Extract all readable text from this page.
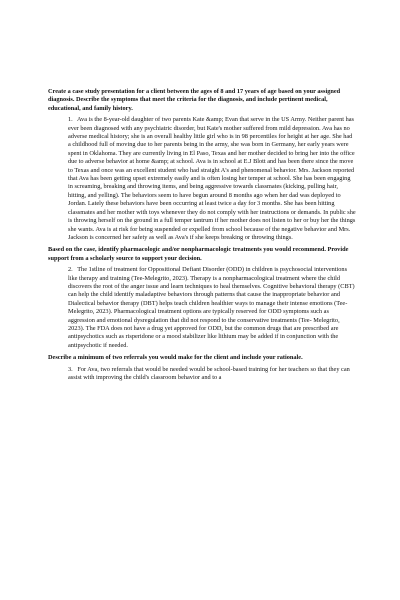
Create a case study presentation for a client between the ages of 8 and 17 years of age based on your assigned diagnosis. Describe the symptoms that meet the criteria for the diagnosis, and include pertinent medical, educational, and family history.

1. Ava is the 8-year-old daughter of two parents Kate &amp; Evan that serve in the US Army. Neither parent has ever been diagnosed with any psychiatric disorder, but Kate's mother suffered from mild depression. Ava has no adverse medical history; she is an overall healthy little girl who is in 98 percentiles for height at her age. She had a childhood full of moving due to her parents being in the army, she was born in Germany, her early years were spent in Oklahoma. They are currently living in El Paso, Texas and her mother decided to bring her into the office due to adverse behavior at home &amp; at school. Ava is in school at E.J Blott and has been there since the move to Texas and once was an excellent student who had straight A's and phenomenal behavior. Mrs. Jackson reported that Ava has been getting upset extremely easily and is often losing her temper at school. She has been engaging in screaming, breaking and throwing items, and being aggressive towards classmates (kicking, pulling hair, hitting, and yelling). The behaviors seem to have begun around 8 months ago when her dad was deployed to Jordan. Lately these behaviors have been occurring at least twice a day for 3 months. She has been hitting classmates and her mother with toys whenever they do not comply with her instructions or demands. In public she is throwing herself on the ground in a full temper tantrum if her mother does not listen to her or buy her the things she wants. Ava is at risk for being suspended or expelled from school because of the negative behavior and Mrs. Jackson is concerned her safety as well as Ava's if she keeps breaking or throwing things.

Based on the case, identify pharmacologic and/or nonpharmacologic treatments you would recommend. Provide support from a scholarly source to support your decision.

2. The 1stline of treatment for Oppositional Defiant Disorder (ODD) in children is psychosocial interventions like therapy and training (Tee-Melegrito, 2023). Therapy is a nonpharmacological treatment where the child discovers the root of the anger issue and learn techniques to heal themselves. Cognitive behavioral therapy (CBT) can help the child identify maladaptive behaviors through patterns that cause the inappropriate behavior and Dialectical behavior therapy (DBT) helps teach children healthier ways to manage their intense emotions (Tee-Melegrito, 2023). Pharmacological treatment options are typically reserved for ODD symptoms such as aggression and emotional dysregulation that did not respond to the conservative treatments (Tee- Melegrito, 2023). The FDA does not have a drug yet approved for ODD, but the common drugs that are prescribed are antipsychotics such as risperidone or a mood stabilizer like lithium may be added if in conjunction with the antipsychotic if needed.

Describe a minimum of two referrals you would make for the client and include your rationale.

3. For Ava, two referrals that would be needed would be school-based training for her teachers so that they can assist with improving the child's classroom behavior and to a
